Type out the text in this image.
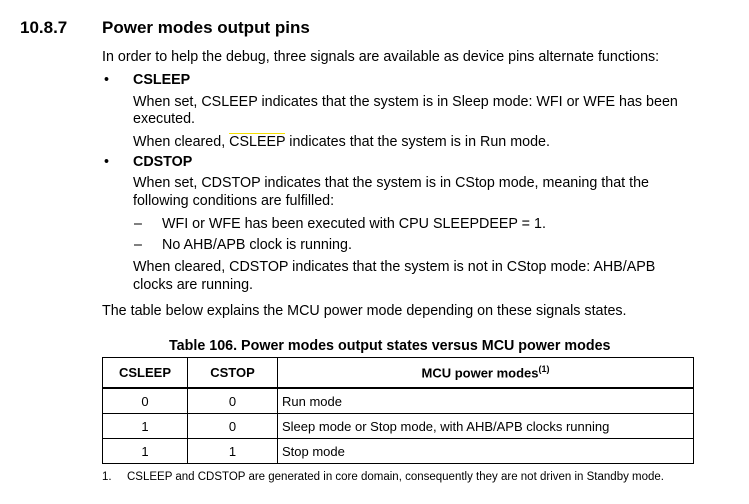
10.8.7 Power modes output pins
In order to help the debug, three signals are available as device pins alternate functions:
• CSLEEP
When set, CSLEEP indicates that the system is in Sleep mode: WFI or WFE has been
executed.
When cleared, CSLEEP indicates that the system is in Run mode.
• CDSTOP
When set, CDSTOP indicates that the system is in CStop mode, meaning that the
following conditions are fulfilled:
– WFI or WFE has been executed with CPU SLEEPDEEP = 1.
– No AHB/APB clock is running.
When cleared, CDSTOP indicates that the system is not in CStop mode: AHB/APB
clocks are running.
The table below explains the MCU power mode depending on these signals states.
Table 106. Power modes output states versus MCU power modes
CSLEEP	CSTOP	MCU power modes$^{(1)}$
0	0	Run mode
1	0	Sleep mode or Stop mode, with AHB/APB clocks running
1	1	Stop mode
1. CSLEEP and CDSTOP are generated in core domain, consequently they are not driven in Standby mode.
